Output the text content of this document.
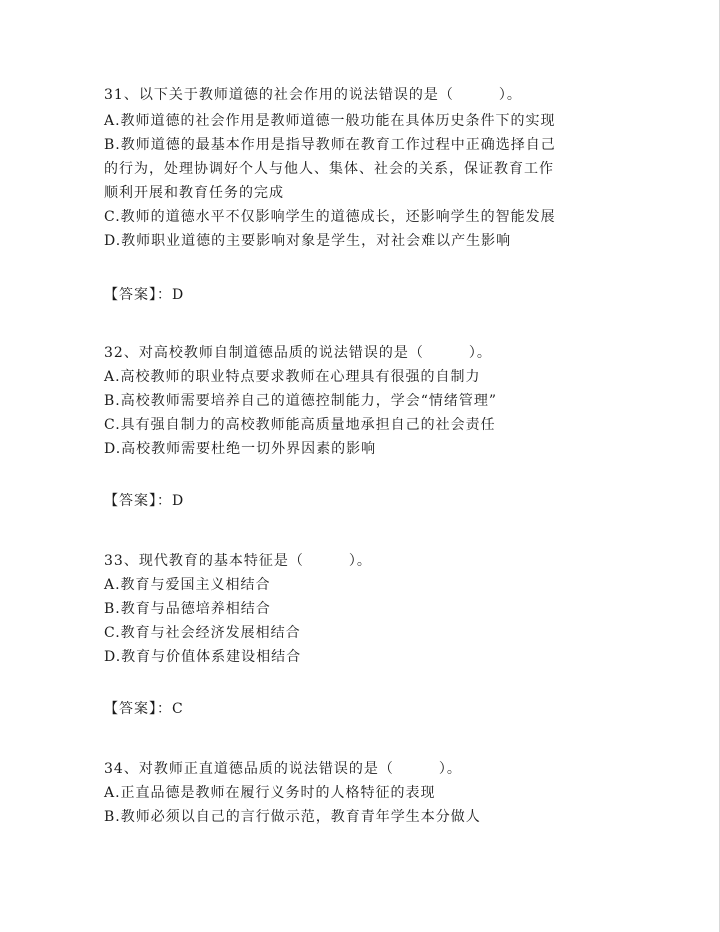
31、以下关于教师道德的社会作用的说法错误的是（　　　）。
A.教师道德的社会作用是教师道德一般功能在具体历史条件下的实现
B.教师道德的最基本作用是指导教师在教育工作过程中正确选择自己
的行为，处理协调好个人与他人、集体、社会的关系，保证教育工作
顺利开展和教育任务的完成
C.教师的道德水平不仅影响学生的道德成长，还影响学生的智能发展
D.教师职业道德的主要影响对象是学生，对社会难以产生影响
【答案】：D
32、对高校教师自制道德品质的说法错误的是（　　　）。
A.高校教师的职业特点要求教师在心理具有很强的自制力
B.高校教师需要培养自己的道德控制能力，学会“情绪管理”
C.具有强自制力的高校教师能高质量地承担自己的社会责任
D.高校教师需要杜绝一切外界因素的影响
【答案】：D
33、现代教育的基本特征是（　　　）。
A.教育与爱国主义相结合
B.教育与品德培养相结合
C.教育与社会经济发展相结合
D.教育与价值体系建设相结合
【答案】：C
34、对教师正直道德品质的说法错误的是（　　　）。
A.正直品德是教师在履行义务时的人格特征的表现
B.教师必须以自己的言行做示范，教育青年学生本分做人
